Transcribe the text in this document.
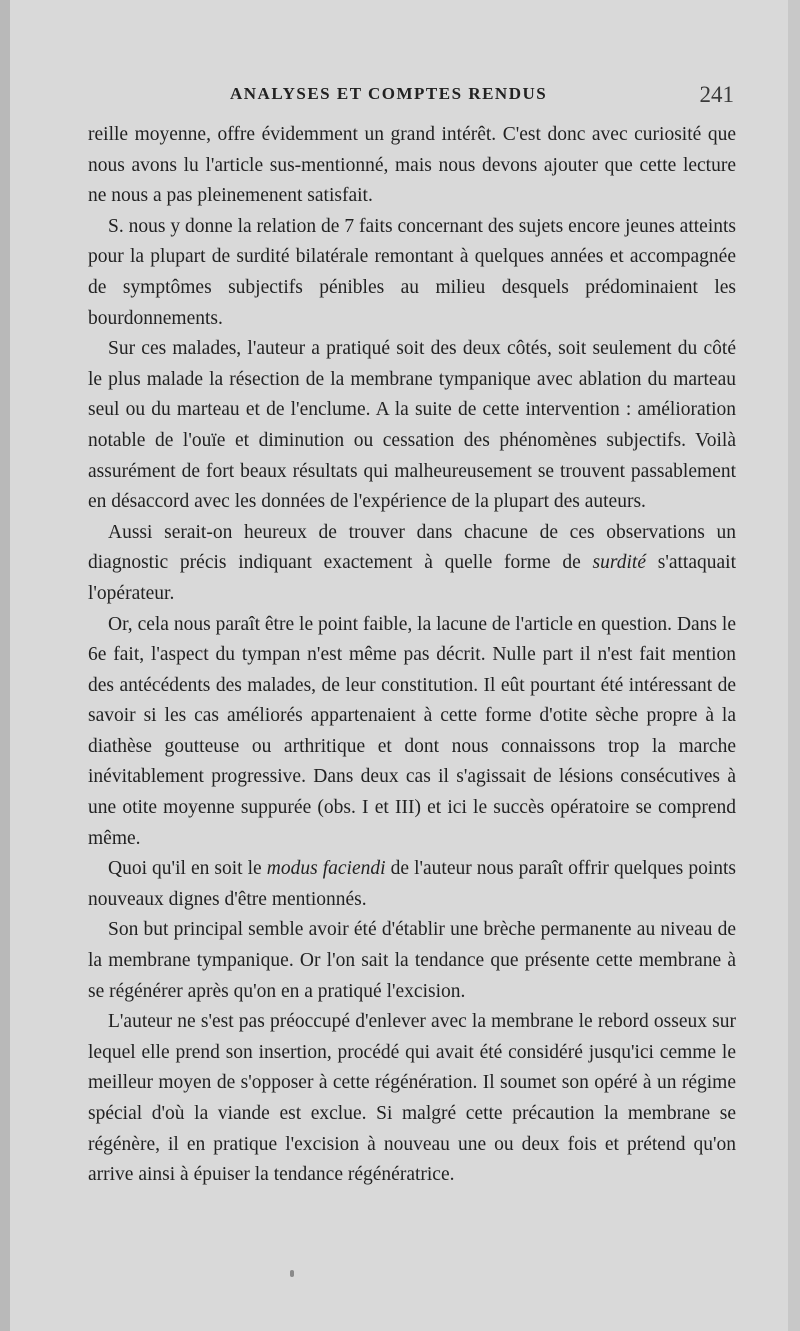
ANALYSES ET COMPTES RENDUS	241

reille moyenne, offre évidemment un grand intérêt. C'est donc avec curiosité que nous avons lu l'article sus-mentionné, mais nous devons ajouter que cette lecture ne nous a pas pleinemenent satisfait.

S. nous y donne la relation de 7 faits concernant des sujets encore jeunes atteints pour la plupart de surdité bilatérale remontant à quelques années et accompagnée de symptômes subjectifs pénibles au milieu desquels prédominaient les bourdonnements.

Sur ces malades, l'auteur a pratiqué soit des deux côtés, soit seulement du côté le plus malade la résection de la membrane tympanique avec ablation du marteau seul ou du marteau et de l'enclume. A la suite de cette intervention : amélioration notable de l'ouïe et diminution ou cessation des phénomènes subjectifs. Voilà assurément de fort beaux résultats qui malheureusement se trouvent passablement en désaccord avec les données de l'expérience de la plupart des auteurs.

Aussi serait-on heureux de trouver dans chacune de ces observations un diagnostic précis indiquant exactement à quelle forme de surdité s'attaquait l'opérateur.

Or, cela nous paraît être le point faible, la lacune de l'article en question. Dans le 6e fait, l'aspect du tympan n'est même pas décrit. Nulle part il n'est fait mention des antécédents des malades, de leur constitution. Il eût pourtant été intéressant de savoir si les cas améliorés appartenaient à cette forme d'otite sèche propre à la diathèse goutteuse ou arthritique et dont nous connaissons trop la marche inévitablement progressive. Dans deux cas il s'agissait de lésions consécutives à une otite moyenne suppurée (obs. I et III) et ici le succès opératoire se comprend même.

Quoi qu'il en soit le modus faciendi de l'auteur nous paraît offrir quelques points nouveaux dignes d'être mentionnés.

Son but principal semble avoir été d'établir une brèche permanente au niveau de la membrane tympanique. Or l'on sait la tendance que présente cette membrane à se régénérer après qu'on en a pratiqué l'excision.

L'auteur ne s'est pas préoccupé d'enlever avec la membrane le rebord osseux sur lequel elle prend son insertion, procédé qui avait été considéré jusqu'ici cemme le meilleur moyen de s'opposer à cette régénération. Il soumet son opéré à un régime spécial d'où la viande est exclue. Si malgré cette précaution la membrane se régénère, il en pratique l'excision à nouveau une ou deux fois et prétend qu'on arrive ainsi à épuiser la tendance régénératrice.
